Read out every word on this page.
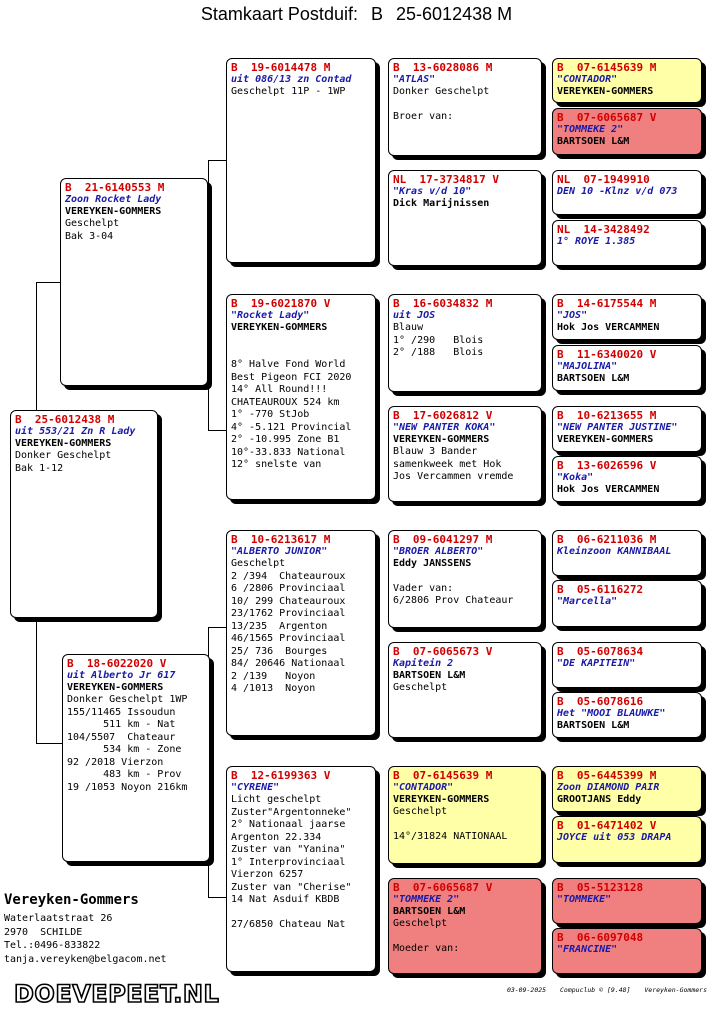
Stamkaart Postduif: B 25-6012438 M
B  25-6012438 M
uit 553/21 Zn R Lady
VEREYKEN-GOMMERS
Donker Geschelpt
Bak 1-12
B  21-6140553 M
Zoon Rocket Lady
VEREYKEN-GOMMERS
Geschelpt
Bak 3-04
B  18-6022020 V
uit Alberto Jr 617
VEREYKEN-GOMMERS
Donker Geschelpt 1WP
155/11465 Issoudun
511 km - Nat
104/5507  Chateaur
534 km - Zone
92 /2018 Vierzon
483 km - Prov
19 /1053 Noyon 216km
B  19-6014478 M
uit 086/13 zn Contad
Geschelpt 11P - 1WP
B  19-6021870 V
"Rocket Lady"
VEREYKEN-GOMMERS
8° Halve Fond World
Best Pigeon FCI 2020
14° All Round!!!
CHATEAUROUX 524 km
1° -770 StJob
4° -5.121 Provincial
2° -10.995 Zone B1
10°-33.833 National
12° snelste van
B  10-6213617 M
"ALBERTO JUNIOR"
Geschelpt
2 /394  Chateauroux
6 /2806 Provinciaal
10/ 299 Chateauroux
23/1762 Provinciaal
13/235  Argenton
46/1565 Provinciaal
25/ 736  Bourges
84/ 20646 Nationaal
2 /139   Noyon
4 /1013  Noyon
B  12-6199363 V
"CYRENE"
Licht geschelpt
Zuster"Argentonneke"
2° Nationaal jaarse
Argenton 22.334
Zuster van "Yanina"
1° Interprovinciaal
Vierzon 6257
Zuster van "Cherise"
14 Nat Asduif KBDB
27/6850 Chateau Nat
B  13-6028086 M
"ATLAS"
Donker Geschelpt
Broer van:
NL  17-3734817 V
"Kras v/d 10"
Dick Marijnissen
B  16-6034832 M
uit JOS
Blauw
1° /290   Blois
2° /188   Blois
B  17-6026812 V
"NEW PANTER KOKA"
VEREYKEN-GOMMERS
Blauw 3 Bander
samenkweek met Hok
Jos Vercammen vremde
B  09-6041297 M
"BROER ALBERTO"
Eddy JANSSENS
Vader van:
6/2806 Prov Chateaur
B  07-6065673 V
Kapitein 2
BARTSOEN L&M
Geschelpt
B  07-6145639 M
"CONTADOR"
VEREYKEN-GOMMERS
Geschelpt
14°/31824 NATIONAAL
B  07-6065687 V
"TOMMEKE 2"
BARTSOEN L&M
Geschelpt
Moeder van:
B  07-6145639 M
"CONTADOR"
VEREYKEN-GOMMERS
B  07-6065687 V
"TOMMEKE 2"
BARTSOEN L&M
NL  07-1949910
DEN 10 -Klnz v/d 073
NL  14-3428492
1° ROYE 1.385
B  14-6175544 M
"JOS"
Hok Jos VERCAMMEN
B  11-6340020 V
"MAJOLINA"
BARTSOEN L&M
B  10-6213655 M
"NEW PANTER JUSTINE"
VEREYKEN-GOMMERS
B  13-6026596 V
"Koka"
Hok Jos VERCAMMEN
B  06-6211036 M
Kleinzoon KANNIBAAL
B  05-6116272
"Marcella"
B  05-6078634
"DE KAPITEIN"
B  05-6078616
Het "MOOI BLAUWKE"
BARTSOEN L&M
B  05-6445399 M
Zoon DIAMOND PAIR
GROOTJANS Eddy
B  01-6471402 V
JOYCE uit 053 DRAPA
B  05-5123128
"TOMMEKE"
B  06-6097048
"FRANCINE"
Vereyken-Gommers
Waterlaatstraat 26
2970  SCHILDE
Tel.:0496-833822
tanja.vereyken@belgacom.net
DOEVEPEET.NL	03-09-2025 Compuclub © [9.48] Vereyken-Gommers
